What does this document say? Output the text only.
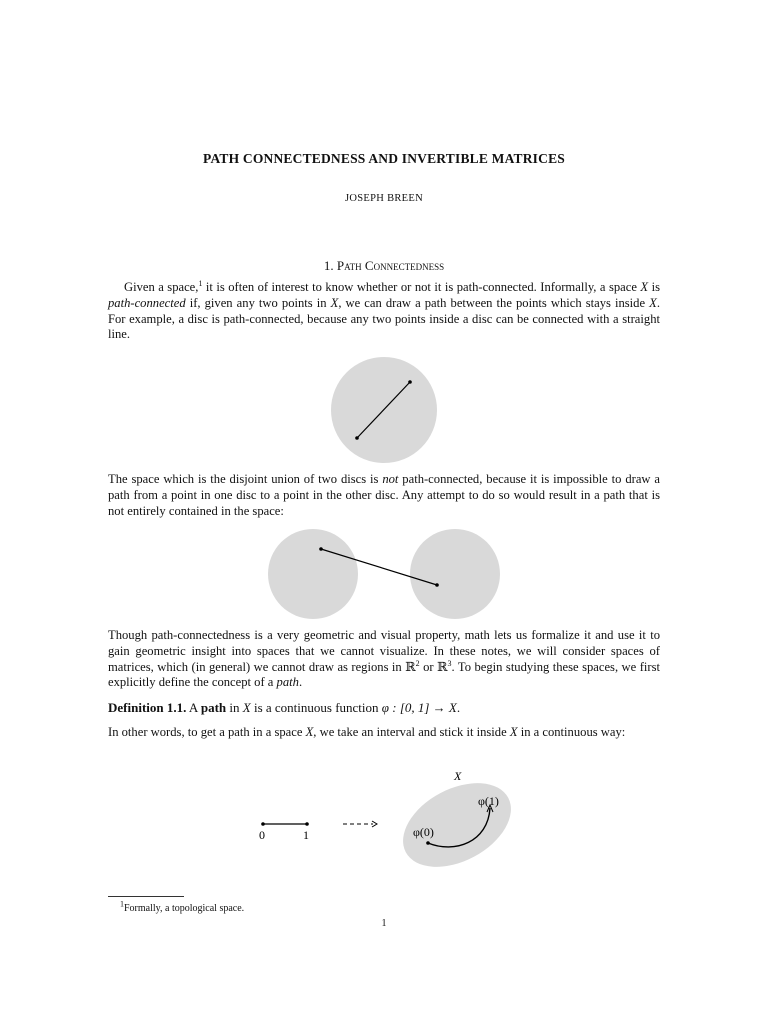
PATH CONNECTEDNESS AND INVERTIBLE MATRICES
JOSEPH BREEN
1. Path Connectedness

Given a space,$^1$ it is often of interest to know whether or not it is path-connected. Informally, a space X is path-connected if, given any two points in X, we can draw a path between the points which stays inside X. For example, a disc is path-connected, because any two points inside a disc can be connected with a straight line.

The space which is the disjoint union of two discs is not path-connected, because it is impossible to draw a path from a point in one disc to a point in the other disc. Any attempt to do so would result in a path that is not entirely contained in the space:

Though path-connectedness is a very geometric and visual property, math lets us formalize it and use it to gain geometric insight into spaces that we cannot visualize. In these notes, we will consider spaces of matrices, which (in general) we cannot draw as regions in ℝ$^2$ or ℝ$^3$. To begin studying these spaces, we first explicitly define the concept of a path.

Definition 1.1. A path in X is a continuous function φ : [0, 1] → X.

In other words, to get a path in a space X, we take an interval and stick it inside X in a continuous way:

0	1
X
φ(0)
φ(1)
$^1$Formally, a topological space.
1
